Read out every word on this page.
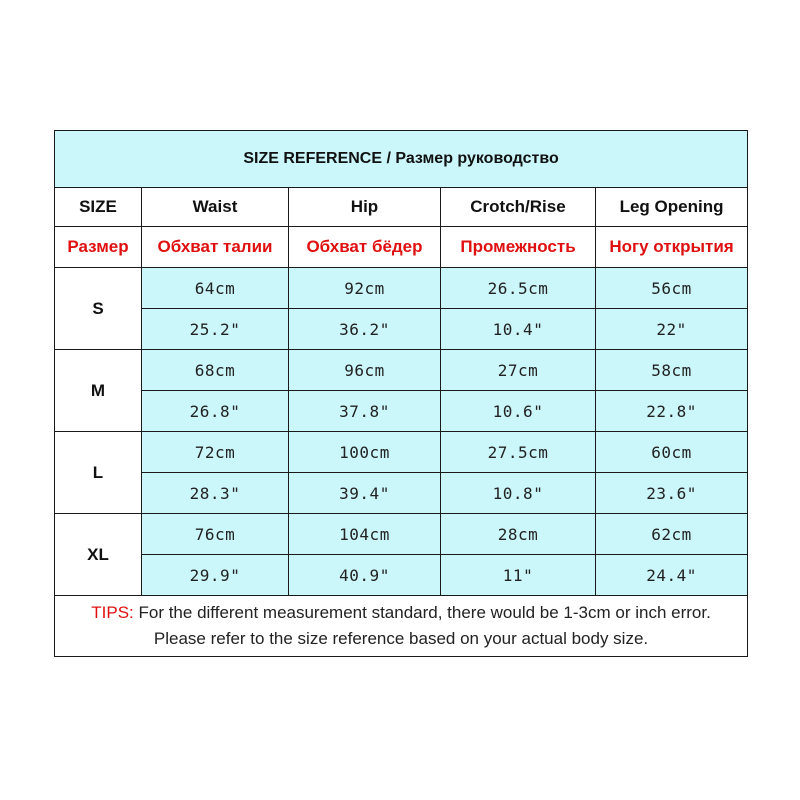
SIZE REFERENCE / Размер руководство				
SIZE	Waist	Hip	Crotch/Rise	Leg Opening
Размер	Обхват талии	Обхват бёдер	Промежность	Ногу открытия
S	64cm	92cm	26.5cm	56cm
	25.2"	36.2"	10.4"	22"
M	68cm	96cm	27cm	58cm
	26.8"	37.8"	10.6"	22.8"
L	72cm	100cm	27.5cm	60cm
	28.3"	39.4"	10.8"	23.6"
XL	76cm	104cm	28cm	62cm
	29.9"	40.9"	11"	24.4"
TIPS: For the different measurement standard, there would be 1-3cm or inch error. Please refer to the size reference based on your actual body size.				
